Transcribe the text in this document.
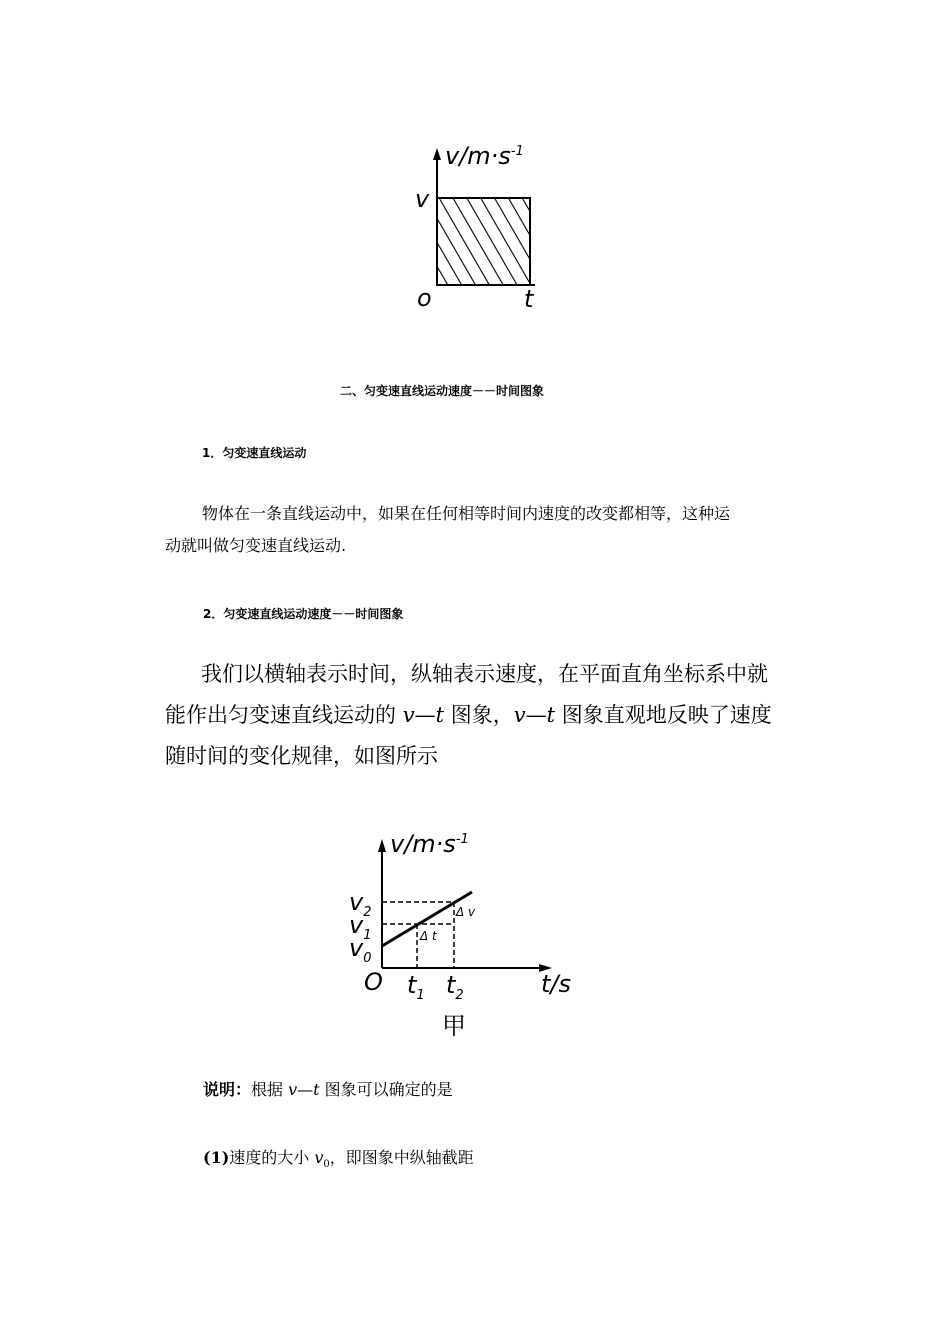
$v/m\cdot s^{-1}$
v
o	t
二、匀变速直线运动速度－－时间图象
1．匀变速直线运动
物体在一条直线运动中，如果在任何相等时间内速度的改变都相等，这种运
动就叫做匀变速直线运动.
2．匀变速直线运动速度－－时间图象
我们以横轴表示时间，纵轴表示速度，在平面直角坐标系中就
能作出匀变速直线运动的 v—t 图象，v—t 图象直观地反映了速度
随时间的变化规律，如图所示
$v/m\cdot s^{-1}$
$v_2$
$v_1$
$v_0$
O $t_1$ $t_2$	t/s
Δ v
Δ t
甲
说明：根据 v—t 图象可以确定的是
(1)速度的大小 $v_0$，即图象中纵轴截距
